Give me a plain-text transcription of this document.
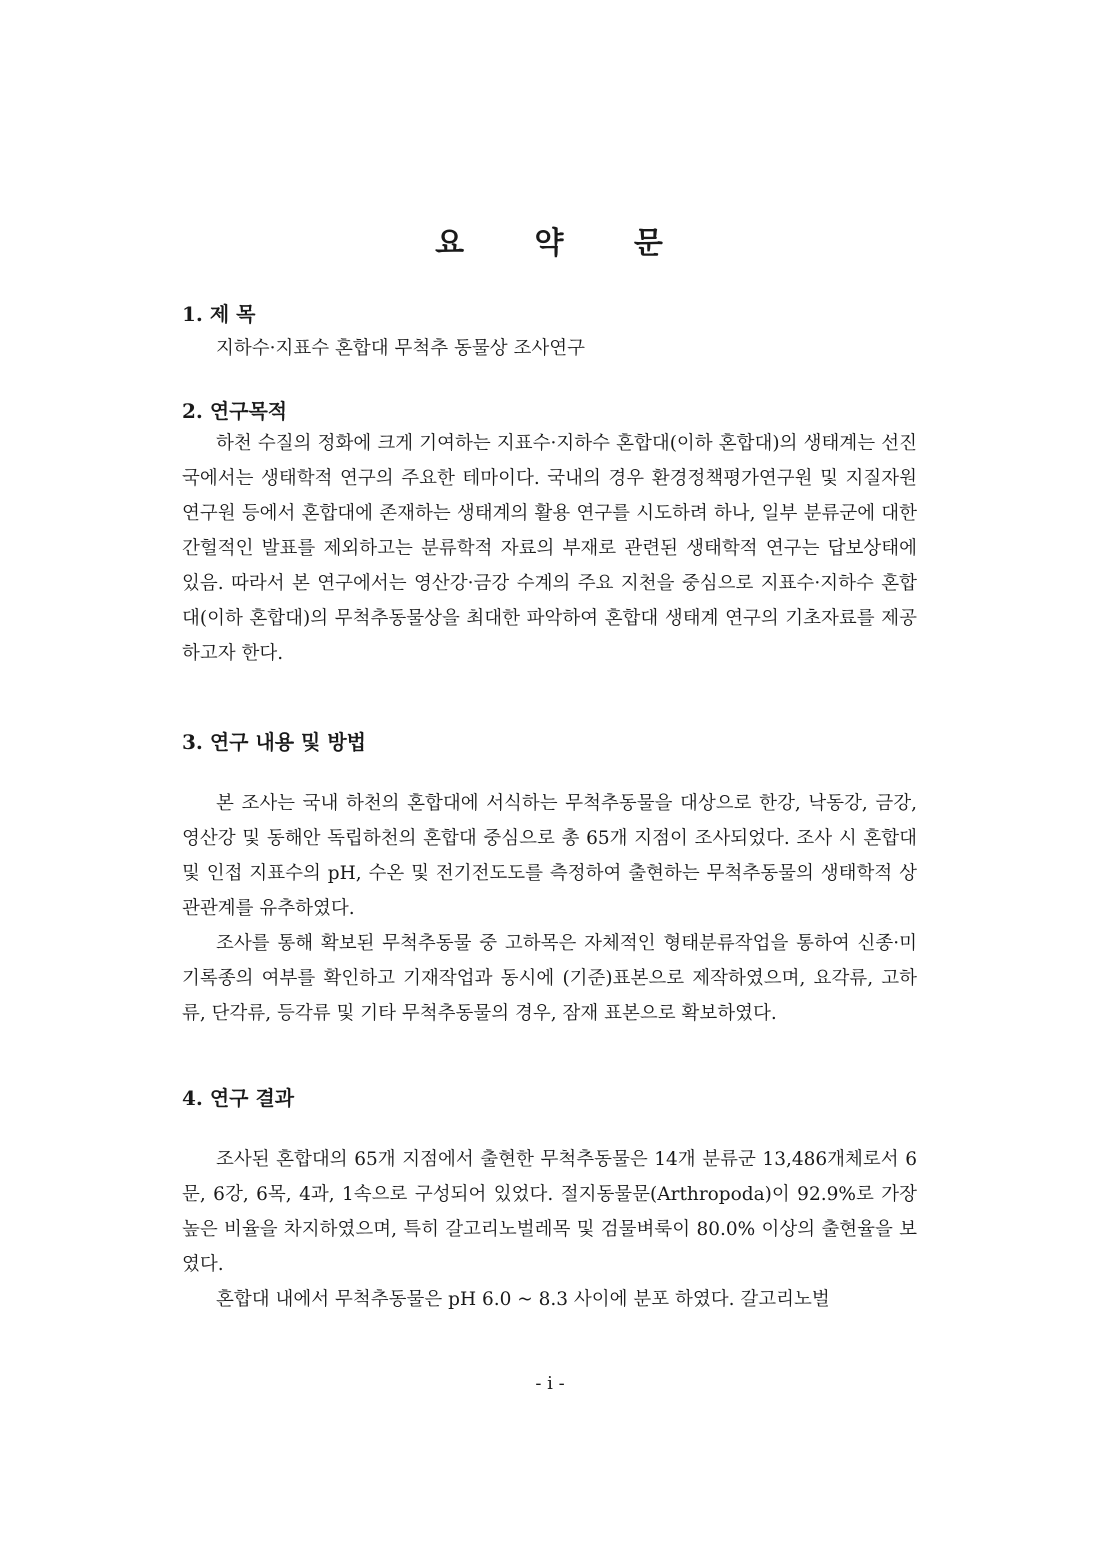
요 약 문
1. 제 목
지하수·지표수 혼합대 무척추 동물상 조사연구
2. 연구목적

하천 수질의 정화에 크게 기여하는 지표수·지하수 혼합대(이하 혼합대)의 생태계는 선진국에서는 생태학적 연구의 주요한 테마이다. 국내의 경우 환경정책평가연구원 및 지질자원연구원 등에서 혼합대에 존재하는 생태계의 활용 연구를 시도하려 하나, 일부 분류군에 대한 간헐적인 발표를 제외하고는 분류학적 자료의 부재로 관련된 생태학적 연구는 답보상태에 있음. 따라서 본 연구에서는 영산강·금강 수계의 주요 지천을 중심으로 지표수·지하수 혼합대(이하 혼합대)의 무척추동물상을 최대한 파악하여 혼합대 생태계 연구의 기초자료를 제공하고자 한다.

3. 연구 내용 및 방법

본 조사는 국내 하천의 혼합대에 서식하는 무척추동물을 대상으로 한강, 낙동강, 금강, 영산강 및 동해안 독립하천의 혼합대 중심으로 총 65개 지점이 조사되었다. 조사 시 혼합대 및 인접 지표수의 pH, 수온 및 전기전도도를 측정하여 출현하는 무척추동물의 생태학적 상관관계를 유추하였다.

조사를 통해 확보된 무척추동물 중 고하목은 자체적인 형태분류작업을 통하여 신종·미기록종의 여부를 확인하고 기재작업과 동시에 (기준)표본으로 제작하였으며, 요각류, 고하류, 단각류, 등각류 및 기타 무척추동물의 경우, 잠재 표본으로 확보하였다.

4. 연구 결과

조사된 혼합대의 65개 지점에서 출현한 무척추동물은 14개 분류군 13,486개체로서 6문, 6강, 6목, 4과, 1속으로 구성되어 있었다. 절지동물문(Arthropoda)이 92.9%로 가장 높은 비율을 차지하였으며, 특히 갈고리노벌레목 및 검물벼룩이 80.0% 이상의 출현율을 보였다.

혼합대 내에서 무척추동물은 pH 6.0 ~ 8.3 사이에 분포 하였다. 갈고리노벌

- i -
